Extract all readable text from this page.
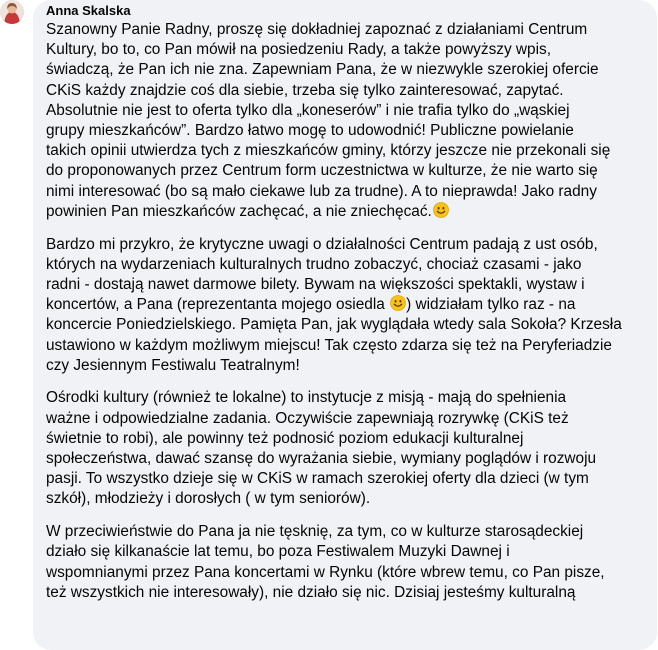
Anna Skalska
Szanowny Panie Radny, proszę się dokładniej zapoznać z działaniami Centrum
Kultury, bo to, co Pan mówił na posiedzeniu Rady, a także powyższy wpis,
świadczą, że Pan ich nie zna. Zapewniam Pana, że w niezwykle szerokiej ofercie
CKiS każdy znajdzie coś dla siebie, trzeba się tylko zainteresować, zapytać.
Absolutnie nie jest to oferta tylko dla „koneserów” i nie trafia tylko do „wąskiej
grupy mieszkańców”. Bardzo łatwo mogę to udowodnić! Publiczne powielanie
takich opinii utwierdza tych z mieszkańców gminy, którzy jeszcze nie przekonali się
do proponowanych przez Centrum form uczestnictwa w kulturze, że nie warto się
nimi interesować (bo są mało ciekawe lub za trudne). A to nieprawda! Jako radny
powinien Pan mieszkańców zachęcać, a nie zniechęcać.
Bardzo mi przykro, że krytyczne uwagi o działalności Centrum padają z ust osób,
których na wydarzeniach kulturalnych trudno zobaczyć, chociaż czasami - jako
radni - dostają nawet darmowe bilety. Bywam na większości spektakli, wystaw i
koncertów, a Pana (reprezentanta mojego osiedla ) widziałam tylko raz - na
koncercie Poniedzielskiego. Pamięta Pan, jak wyglądała wtedy sala Sokoła? Krzesła
ustawiono w każdym możliwym miejscu! Tak często zdarza się też na Peryferiadzie
czy Jesiennym Festiwalu Teatralnym!
Ośrodki kultury (również te lokalne) to instytucje z misją - mają do spełnienia
ważne i odpowiedzialne zadania. Oczywiście zapewniają rozrywkę (CKiS też
świetnie to robi), ale powinny też podnosić poziom edukacji kulturalnej
społeczeństwa, dawać szansę do wyrażania siebie, wymiany poglądów i rozwoju
pasji. To wszystko dzieje się w CKiS w ramach szerokiej oferty dla dzieci (w tym
szkół), młodzieży i dorosłych ( w tym seniorów).
W przeciwieństwie do Pana ja nie tęsknię, za tym, co w kulturze starosądeckiej
działo się kilkanaście lat temu, bo poza Festiwalem Muzyki Dawnej i
wspomnianymi przez Pana koncertami w Rynku (które wbrew temu, co Pan pisze,
też wszystkich nie interesowały), nie działo się nic. Dzisiaj jesteśmy kulturalną
